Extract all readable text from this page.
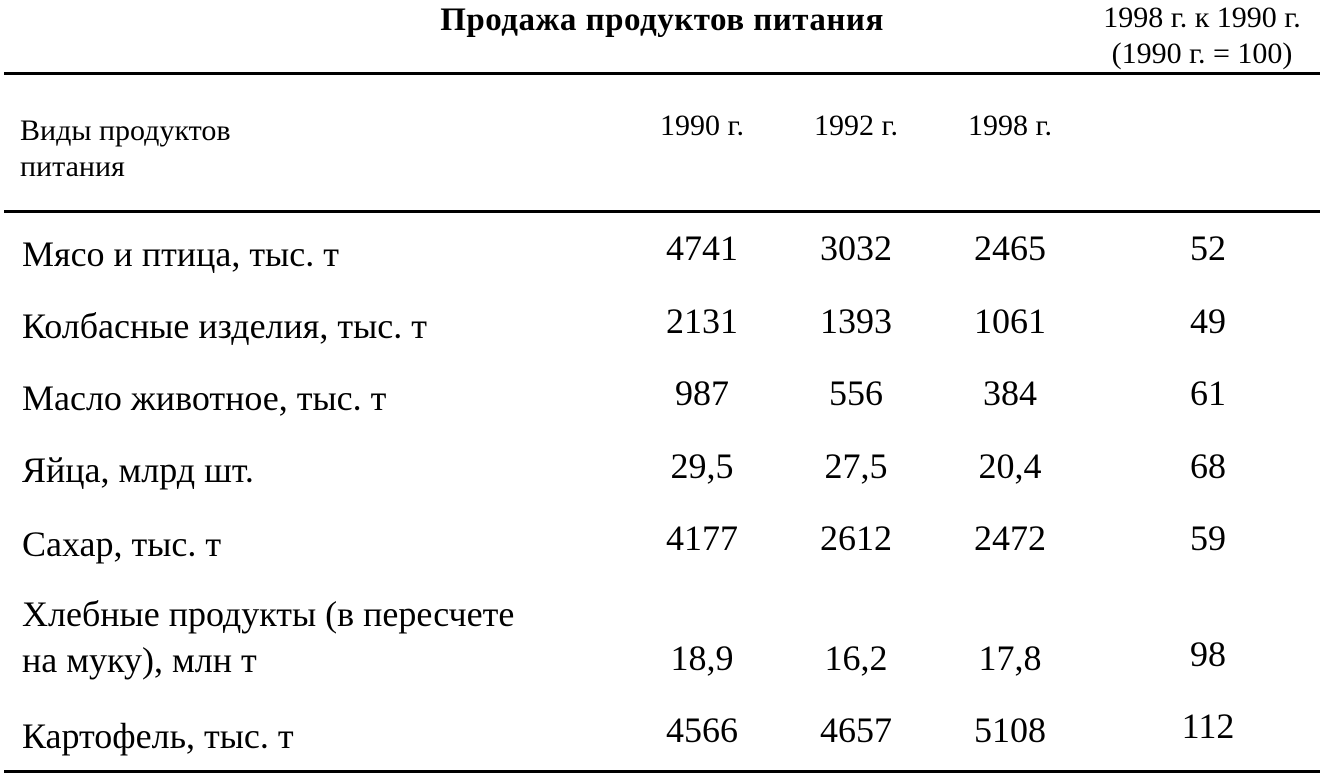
Продажа продуктов питания
Виды продуктов
питания
1990 г.	1992 г.	1998 г.
1998 г. к 1990 г.
(1990 г. = 100)
Мясо и птица, тыс. т	4741	3032	2465	52
Колбасные изделия, тыс. т	2131	1393	1061	49
Масло животное, тыс. т	987	556	384	61
Яйца, млрд шт.	29,5	27,5	20,4	68
Сахар, тыс. т	4177	2612	2472	59
Хлебные продукты (в пересчете
на муку), млн т	18,9	16,2	17,8	98
Картофель, тыс. т	4566	4657	5108	112
